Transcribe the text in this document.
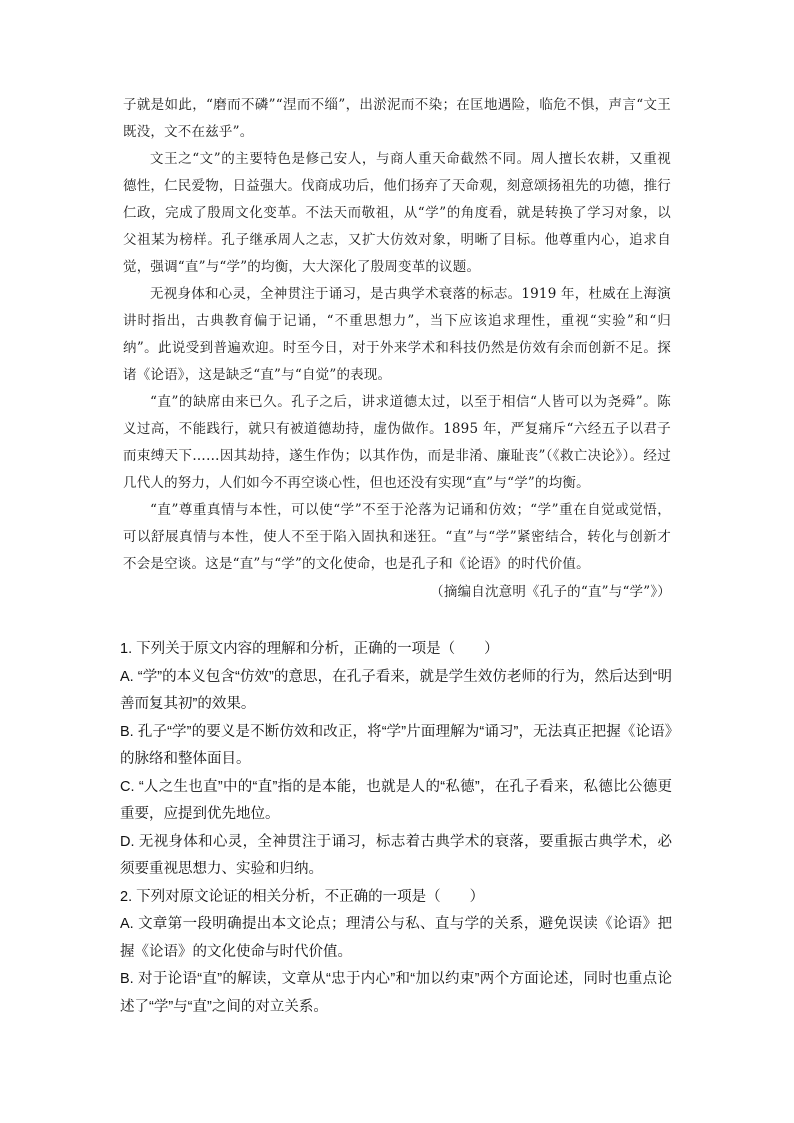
子就是如此，“磨而不磷”“涅而不缁”，出淤泥而不染；在匡地遇险，临危不惧，声言“文王既没，文不在兹乎”。

文王之“文”的主要特色是修己安人，与商人重天命截然不同。周人擅长农耕，又重视德性，仁民爱物，日益强大。伐商成功后，他们扬弃了天命观，刻意颂扬祖先的功德，推行仁政，完成了殷周文化变革。不法天而敬祖，从“学”的角度看，就是转换了学习对象，以父祖某为榜样。孔子继承周人之志，又扩大仿效对象，明晰了目标。他尊重内心，追求自觉，强调“直”与“学”的均衡，大大深化了殷周变革的议题。

无视身体和心灵，全神贯注于诵习，是古典学术衰落的标志。1919 年，杜威在上海演讲时指出，古典教育偏于记诵，“不重思想力”，当下应该追求理性，重视“实验”和“归纳”。此说受到普遍欢迎。时至今日，对于外来学术和科技仍然是仿效有余而创新不足。探诸《论语》，这是缺乏“直”与“自觉”的表现。

“直”的缺席由来已久。孔子之后，讲求道德太过，以至于相信“人皆可以为尧舜”。陈义过高，不能践行，就只有被道德劫持，虚伪做作。1895 年，严复痛斥“六经五子以君子而束缚天下……因其劫持，遂生作伪；以其作伪，而是非淆、廉耻丧”（《救亡决论》）。经过几代人的努力，人们如今不再空谈心性，但也还没有实现“直”与“学”的均衡。

“直”尊重真情与本性，可以使“学”不至于沦落为记诵和仿效；“学”重在自觉或觉悟，可以舒展真情与本性，使人不至于陷入固执和迷狂。“直”与“学”紧密结合，转化与创新才不会是空谈。这是“直”与“学”的文化使命，也是孔子和《论语》的时代价值。

（摘编自沈意明《孔子的“直”与“学”》）

1. 下列关于原文内容的理解和分析，正确的一项是（　　）

A. “学”的本义包含“仿效”的意思，在孔子看来，就是学生效仿老师的行为，然后达到“明善而复其初”的效果。

B. 孔子“学”的要义是不断仿效和改正，将“学”片面理解为“诵习”，无法真正把握《论语》的脉络和整体面目。

C. “人之生也直”中的“直”指的是本能，也就是人的“私德”，在孔子看来，私德比公德更重要，应提到优先地位。

D. 无视身体和心灵，全神贯注于诵习，标志着古典学术的衰落，要重振古典学术，必须要重视思想力、实验和归纳。

2. 下列对原文论证的相关分析，不正确的一项是（　　）

A. 文章第一段明确提出本文论点；理清公与私、直与学的关系，避免误读《论语》把握《论语》的文化使命与时代价值。

B. 对于论语“直”的解读，文章从“忠于内心”和“加以约束”两个方面论述，同时也重点论述了“学”与“直”之间的对立关系。
